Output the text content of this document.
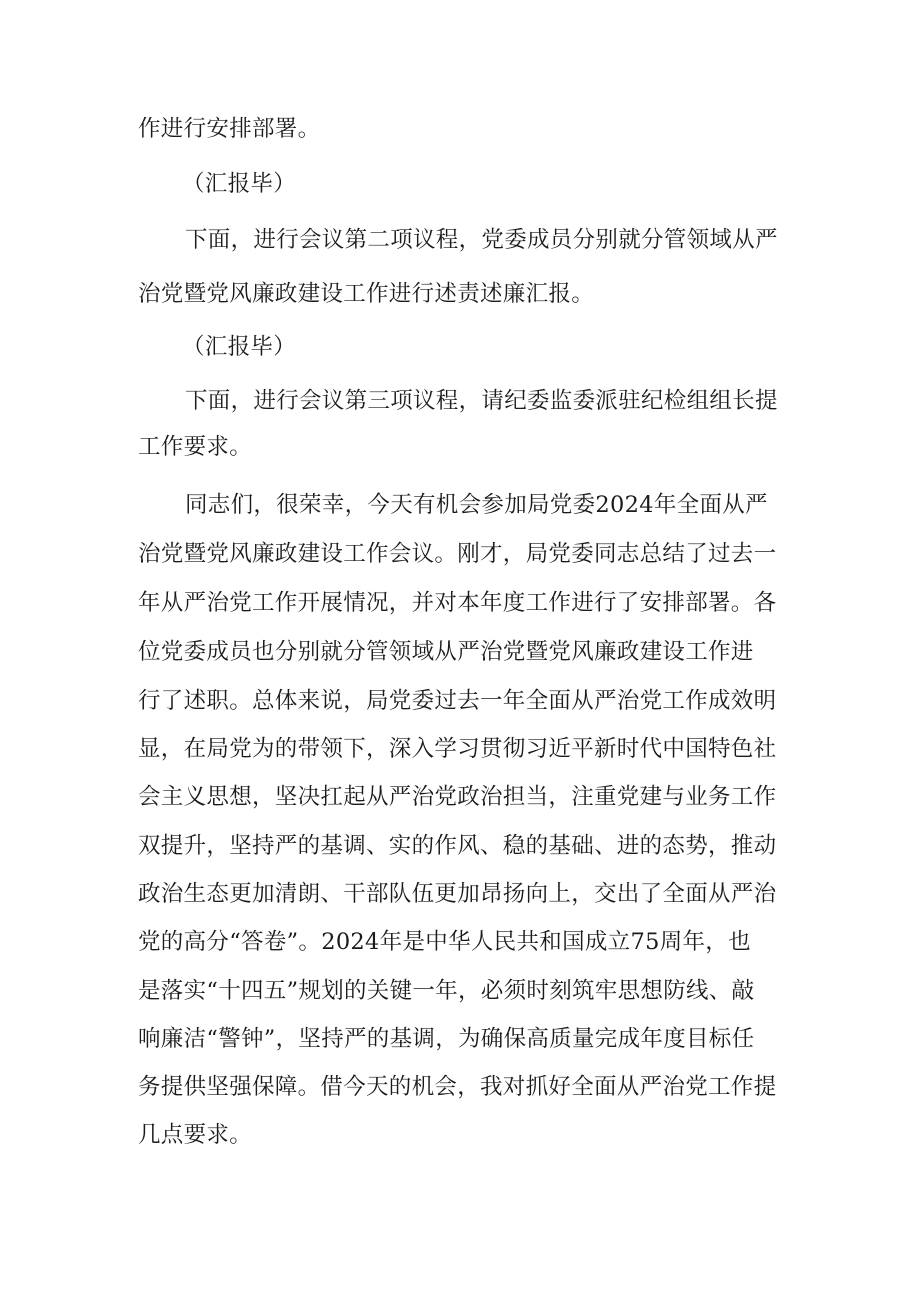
作进行安排部署。

（汇报毕）

下面，进行会议第二项议程，党委成员分别就分管领域从严

治党暨党风廉政建设工作进行述责述廉汇报。

（汇报毕）

下面，进行会议第三项议程，请纪委监委派驻纪检组组长提

工作要求。

同志们，很荣幸，今天有机会参加局党委2024年全面从严

治党暨党风廉政建设工作会议。刚才，局党委同志总结了过去一

年从严治党工作开展情况，并对本年度工作进行了安排部署。各

位党委成员也分别就分管领域从严治党暨党风廉政建设工作进

行了述职。总体来说，局党委过去一年全面从严治党工作成效明

显，在局党为的带领下，深入学习贯彻习近平新时代中国特色社

会主义思想，坚决扛起从严治党政治担当，注重党建与业务工作

双提升，坚持严的基调、实的作风、稳的基础、进的态势，推动

政治生态更加清朗、干部队伍更加昂扬向上，交出了全面从严治

党的高分“答卷”。2024年是中华人民共和国成立75周年，也

是落实“十四五”规划的关键一年，必须时刻筑牢思想防线、敲

响廉洁“警钟”，坚持严的基调，为确保高质量完成年度目标任

务提供坚强保障。借今天的机会，我对抓好全面从严治党工作提

几点要求。
